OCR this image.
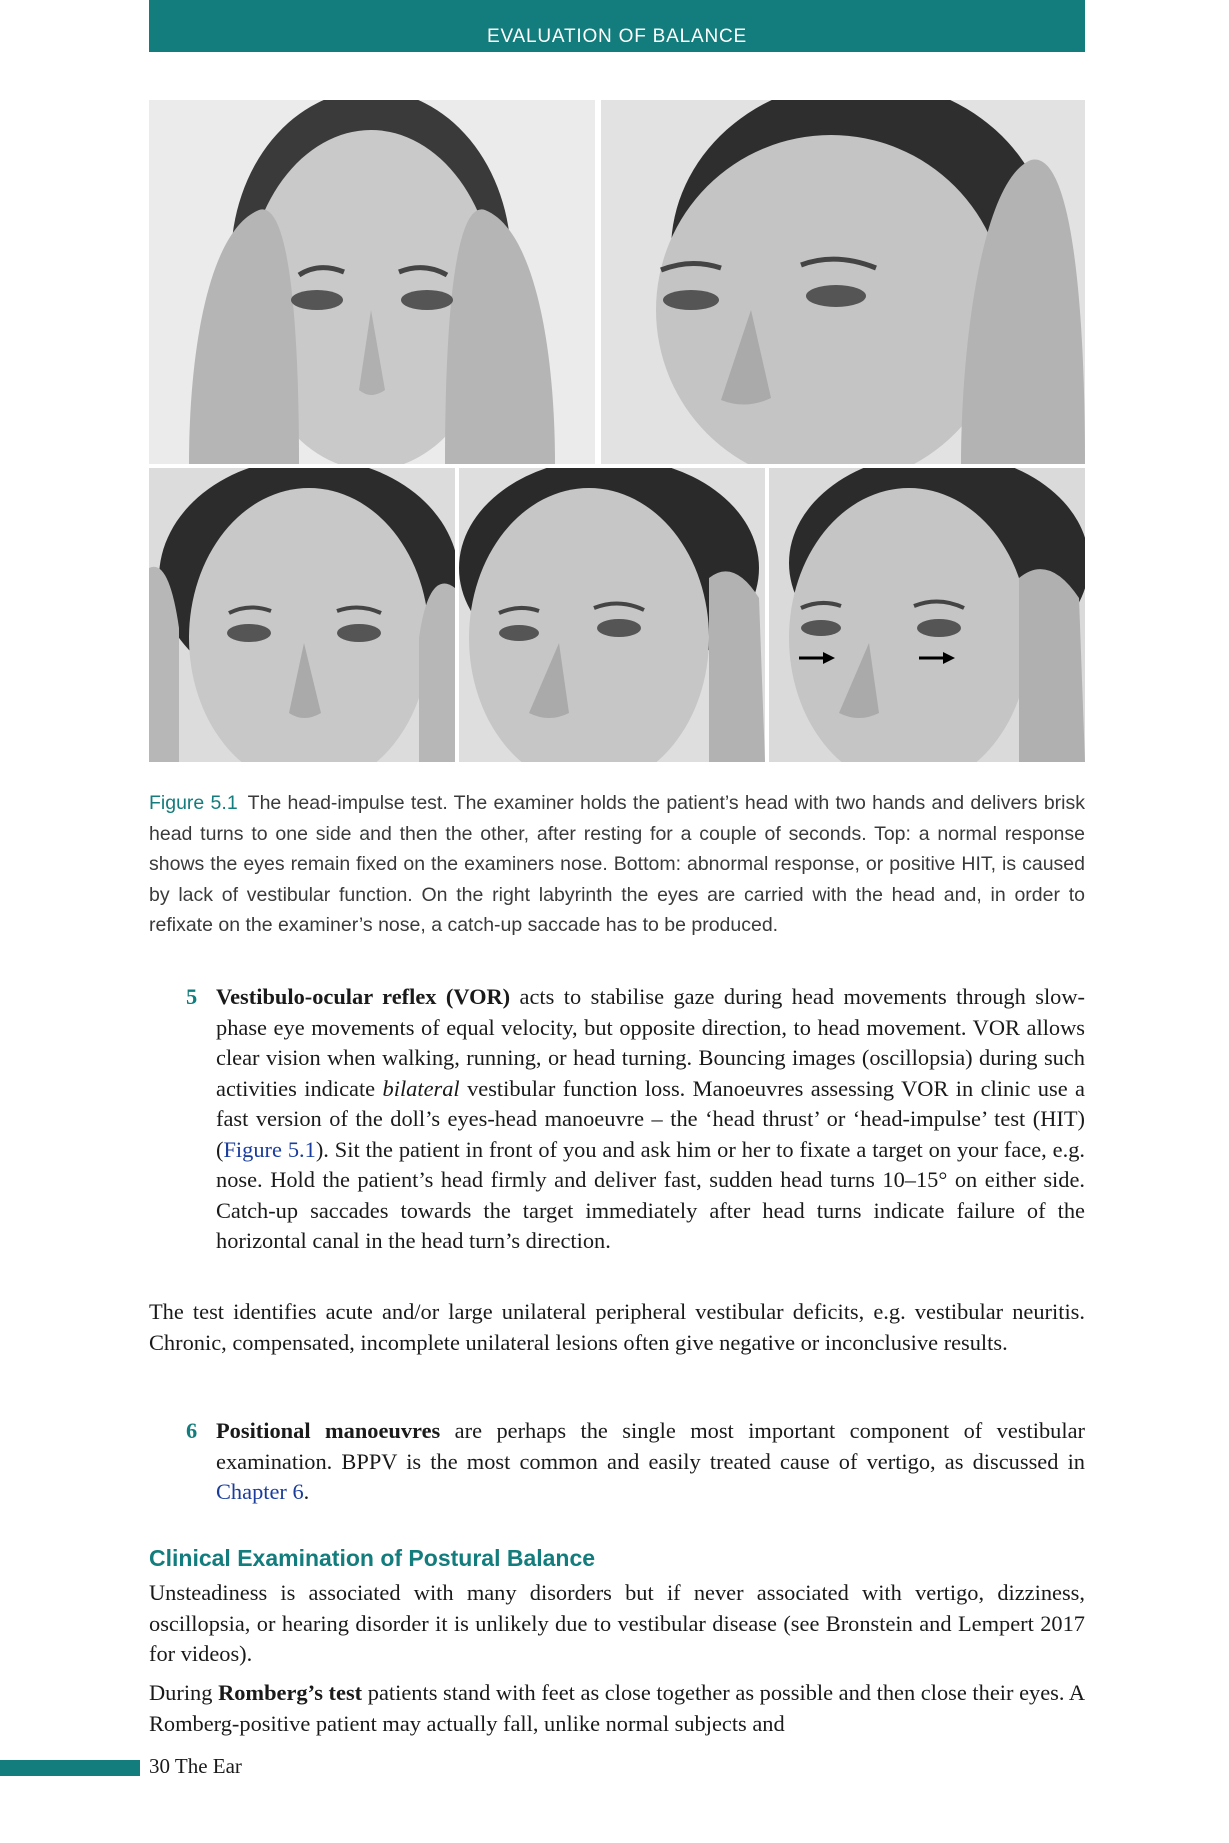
EVALUATION OF BALANCE
Figure 5.1 The head-impulse test. The examiner holds the patient’s head with two hands and delivers brisk head turns to one side and then the other, after resting for a couple of seconds. Top: a normal response shows the eyes remain fixed on the examiners nose. Bottom: abnormal response, or positive HIT, is caused by lack of vestibular function. On the right labyrinth the eyes are carried with the head and, in order to refixate on the examiner’s nose, a catch-up saccade has to be produced.
5 Vestibulo-ocular reflex (VOR) acts to stabilise gaze during head movements through slow-phase eye movements of equal velocity, but opposite direction, to head movement. VOR allows clear vision when walking, running, or head turning. Bouncing images (oscillopsia) during such activities indicate bilateral vestibular function loss. Manoeuvres assessing VOR in clinic use a fast version of the doll’s eyes-head manoeuvre – the ‘head thrust’ or ‘head-impulse’ test (HIT) (Figure 5.1). Sit the patient in front of you and ask him or her to fixate a target on your face, e.g. nose. Hold the patient’s head firmly and deliver fast, sudden head turns 10–15° on either side. Catch-up saccades towards the target immediately after head turns indicate failure of the horizontal canal in the head turn’s direction.
The test identifies acute and/or large unilateral peripheral vestibular deficits, e.g. vestibular neuritis. Chronic, compensated, incomplete unilateral lesions often give negative or inconclusive results.
6 Positional manoeuvres are perhaps the single most important component of vestibular examination. BPPV is the most common and easily treated cause of vertigo, as discussed in Chapter 6.
Clinical Examination of Postural Balance
Unsteadiness is associated with many disorders but if never associated with vertigo, dizziness, oscillopsia, or hearing disorder it is unlikely due to vestibular disease (see Bronstein and Lempert 2017 for videos).
During Romberg’s test patients stand with feet as close together as possible and then close their eyes. A Romberg-positive patient may actually fall, unlike normal subjects and
30 The Ear
